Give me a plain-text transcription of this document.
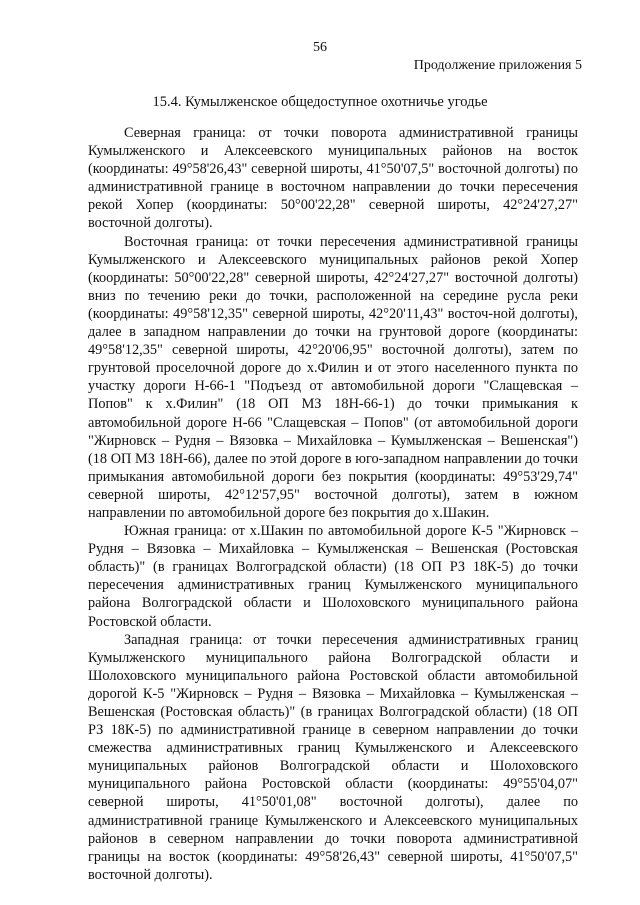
56
Продолжение приложения 5
15.4. Кумылженское общедоступное охотничье угодье

Северная граница: от точки поворота административной границы Кумылженского и Алексеевского муниципальных районов на восток (координаты: 49°58'26,43" северной широты, 41°50'07,5" восточной долготы) по административной границе в восточном направлении до точки пересечения рекой Хопер (координаты: 50°00'22,28" северной широты, 42°24'27,27" восточной долготы).

Восточная граница: от точки пересечения административной границы Кумылженского и Алексеевского муниципальных районов рекой Хопер (координаты: 50°00'22,28" северной широты, 42°24'27,27" восточной долготы) вниз по течению реки до точки, расположенной на середине русла реки (координаты: 49°58'12,35" северной широты, 42°20'11,43" восточ-ной долготы), далее в западном направлении до точки на грунтовой дороге (координаты: 49°58'12,35" северной широты, 42°20'06,95" восточной долготы), затем по грунтовой проселочной дороге до х.Филин и от этого населенного пункта по участку дороги Н-66-1 "Подъезд от автомобильной дороги "Слащевская – Попов" к х.Филин" (18 ОП МЗ 18Н-66-1) до точки примыкания к автомобильной дороге Н-66 "Слащевская – Попов" (от автомобильной дороги "Жирновск – Рудня – Вязовка – Михайловка – Кумылженская – Вешенская") (18 ОП МЗ 18Н-66), далее по этой дороге в юго-западном направлении до точки примыкания автомобильной дороги без покрытия (координаты: 49°53'29,74" северной широты, 42°12'57,95" восточной долготы), затем в южном направлении по автомобильной дороге без покрытия до х.Шакин.

Южная граница: от х.Шакин по автомобильной дороге К-5 "Жирновск – Рудня – Вязовка – Михайловка – Кумылженская – Вешенская (Ростовская область)" (в границах Волгоградской области) (18 ОП РЗ 18К-5) до точки пересечения административных границ Кумылженского муниципального района Волгоградской области и Шолоховского муниципального района Ростовской области.

Западная граница: от точки пересечения административных границ Кумылженского муниципального района Волгоградской области и Шолоховского муниципального района Ростовской области автомобильной дорогой К-5 "Жирновск – Рудня – Вязовка – Михайловка – Кумылженская – Вешенская (Ростовская область)" (в границах Волгоградской области) (18 ОП РЗ 18К-5) по административной границе в северном направлении до точки смежества административных границ Кумылженского и Алексеевского муниципальных районов Волгоградской области и Шолоховского муниципального района Ростовской области (координаты: 49°55'04,07" северной широты, 41°50'01,08" восточной долготы), далее по административной границе Кумылженского и Алексеевского муниципальных районов в северном направлении до точки поворота административной границы на восток (координаты: 49°58'26,43" северной широты, 41°50'07,5" восточной долготы).
